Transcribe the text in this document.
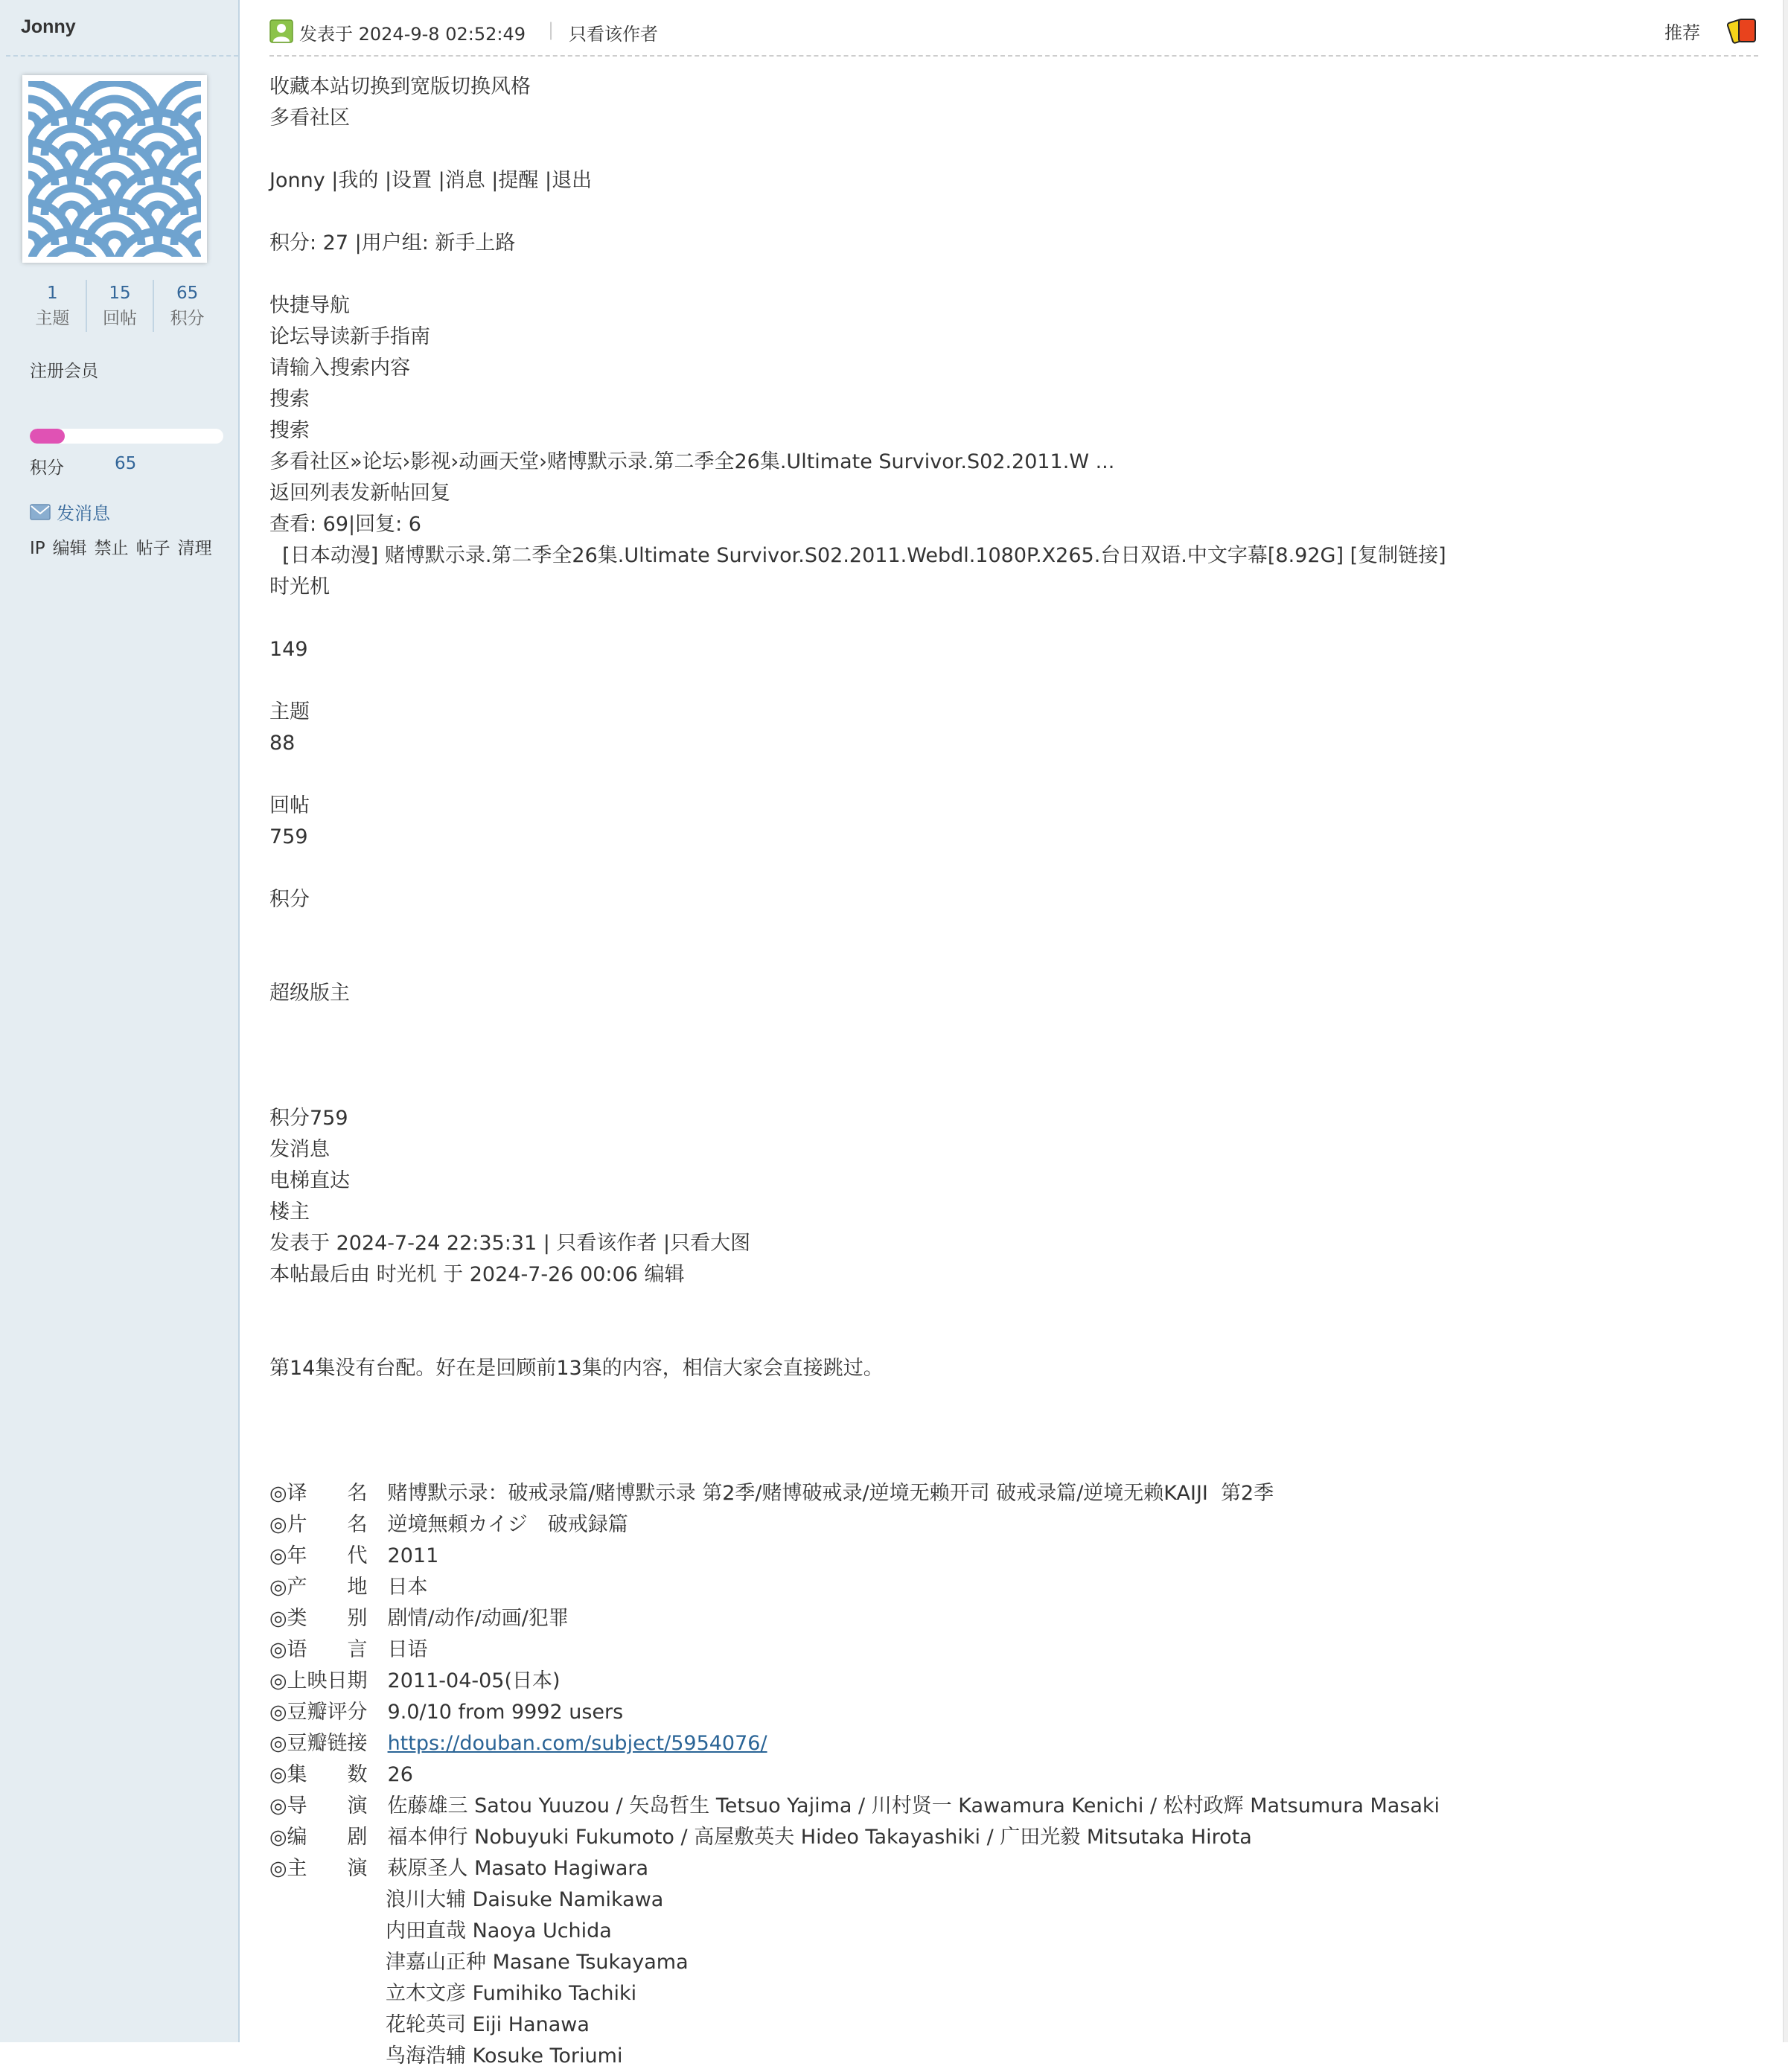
Jonny
1
主题
15
回帖
65
积分
注册会员
积分	65
发消息
IP 编辑 禁止 帖子 清理
发表于 2024-9-8 02:52:49 | 只看该作者	推荐
收藏本站切换到宽版切换风格
多看社区
Jonny |我的 |设置 |消息 |提醒 |退出
积分: 27 |用户组: 新手上路
快捷导航
论坛导读新手指南
请输入搜索内容
搜索
搜索
多看社区»论坛›影视›动画天堂›赌博默示录.第二季全26集.Ultimate Survivor.S02.2011.W ...
返回列表发新帖回复
查看: 69|回复: 6
[日本动漫] 赌博默示录.第二季全26集.Ultimate Survivor.S02.2011.Webdl.1080P.X265.台日双语.中文字幕[8.92G] [复制链接]
时光机
149
主题
88
回帖
759
积分
超级版主
积分759
发消息
电梯直达
楼主
发表于 2024-7-24 22:35:31 | 只看该作者 |只看大图
本帖最后由 时光机 于 2024-7-26 00:06 编辑
第14集没有台配。好在是回顾前13集的内容，相信大家会直接跳过。
◎译　　名　赌博默示录：破戒录篇/赌博默示录 第2季/赌博破戒录/逆境无赖开司 破戒录篇/逆境无赖KAIJI  第2季
◎片　　名　逆境無頼カイジ　破戒録篇
◎年　　代　2011
◎产　　地　日本
◎类　　别　剧情/动作/动画/犯罪
◎语　　言　日语
◎上映日期　2011-04-05(日本)
◎豆瓣评分　9.0/10 from 9992 users
◎豆瓣链接　https://douban.com/subject/5954076/
◎集　　数　26
◎导　　演　佐藤雄三 Satou Yuuzou / 矢岛哲生 Tetsuo Yajima / 川村贤一 Kawamura Kenichi / 松村政辉 Matsumura Masaki
◎编　　剧　福本伸行 Nobuyuki Fukumoto / 高屋敷英夫 Hideo Takayashiki / 广田光毅 Mitsutaka Hirota
◎主　　演　萩原圣人 Masato Hagiwara
浪川大辅 Daisuke Namikawa
内田直哉 Naoya Uchida
津嘉山正种 Masane Tsukayama
立木文彦 Fumihiko Tachiki
花轮英司 Eiji Hanawa
鸟海浩辅 Kosuke Toriumi
